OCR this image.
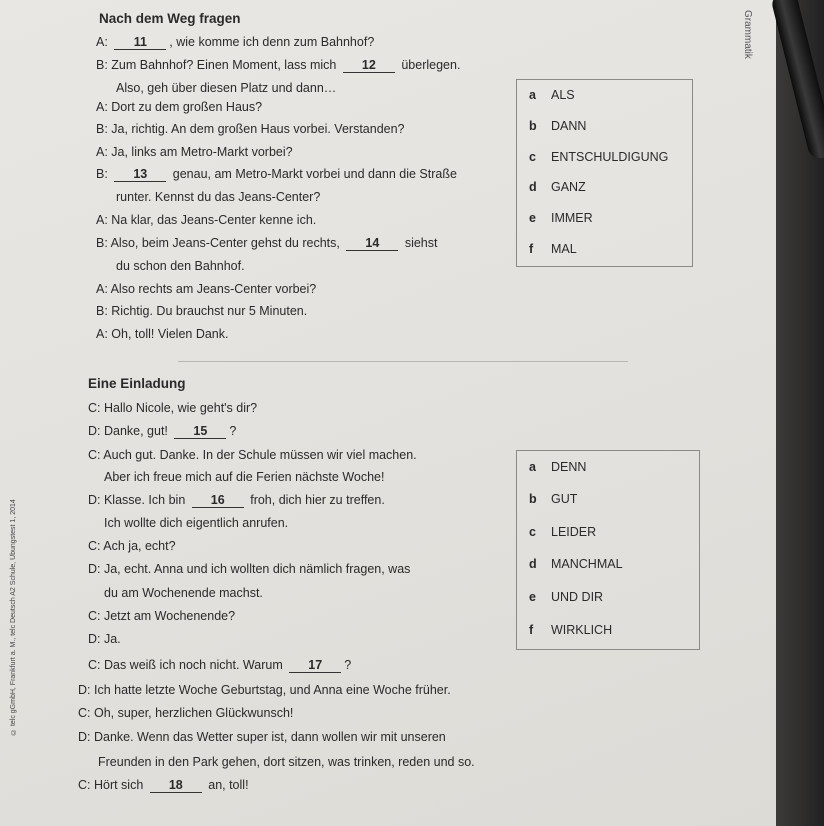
Grammatik
Nach dem Weg fragen
A: 11 , wie komme ich denn zum Bahnhof?
B: Zum Bahnhof? Einen Moment, lass mich 12 überlegen.
Also, geh über diesen Platz und dann…
A: Dort zu dem großen Haus?
B: Ja, richtig. An dem großen Haus vorbei. Verstanden?
A: Ja, links am Metro-Markt vorbei?
B: 13 genau, am Metro-Markt vorbei und dann die Straße
runter. Kennst du das Jeans-Center?
A: Na klar, das Jeans-Center kenne ich.
B: Also, beim Jeans-Center gehst du rechts, 14 siehst
du schon den Bahnhof.
A: Also rechts am Jeans-Center vorbei?
B: Richtig. Du brauchst nur 5 Minuten.
A: Oh, toll! Vielen Dank.
a ALS
b DANN
c ENTSCHULDIGUNG
d GANZ
e IMMER
f MAL
Eine Einladung
C: Hallo Nicole, wie geht's dir?
D: Danke, gut! 15 ?
C: Auch gut. Danke. In der Schule müssen wir viel machen.
Aber ich freue mich auf die Ferien nächste Woche!
D: Klasse. Ich bin 16 froh, dich hier zu treffen.
Ich wollte dich eigentlich anrufen.
C: Ach ja, echt?
D: Ja, echt. Anna und ich wollten dich nämlich fragen, was
du am Wochenende machst.
C: Jetzt am Wochenende?
D: Ja.
C: Das weiß ich noch nicht. Warum 17 ?
D: Ich hatte letzte Woche Geburtstag, und Anna eine Woche früher.
C: Oh, super, herzlichen Glückwunsch!
D: Danke. Wenn das Wetter super ist, dann wollen wir mit unseren
Freunden in den Park gehen, dort sitzen, was trinken, reden und so.
C: Hört sich 18 an, toll!
a DENN
b GUT
c LEIDER
d MANCHMAL
e UND DIR
f WIRKLICH
© telc gGmbH, Frankfurt a. M., telc Deutsch A2 Schule, Übungstest 1, 2014
